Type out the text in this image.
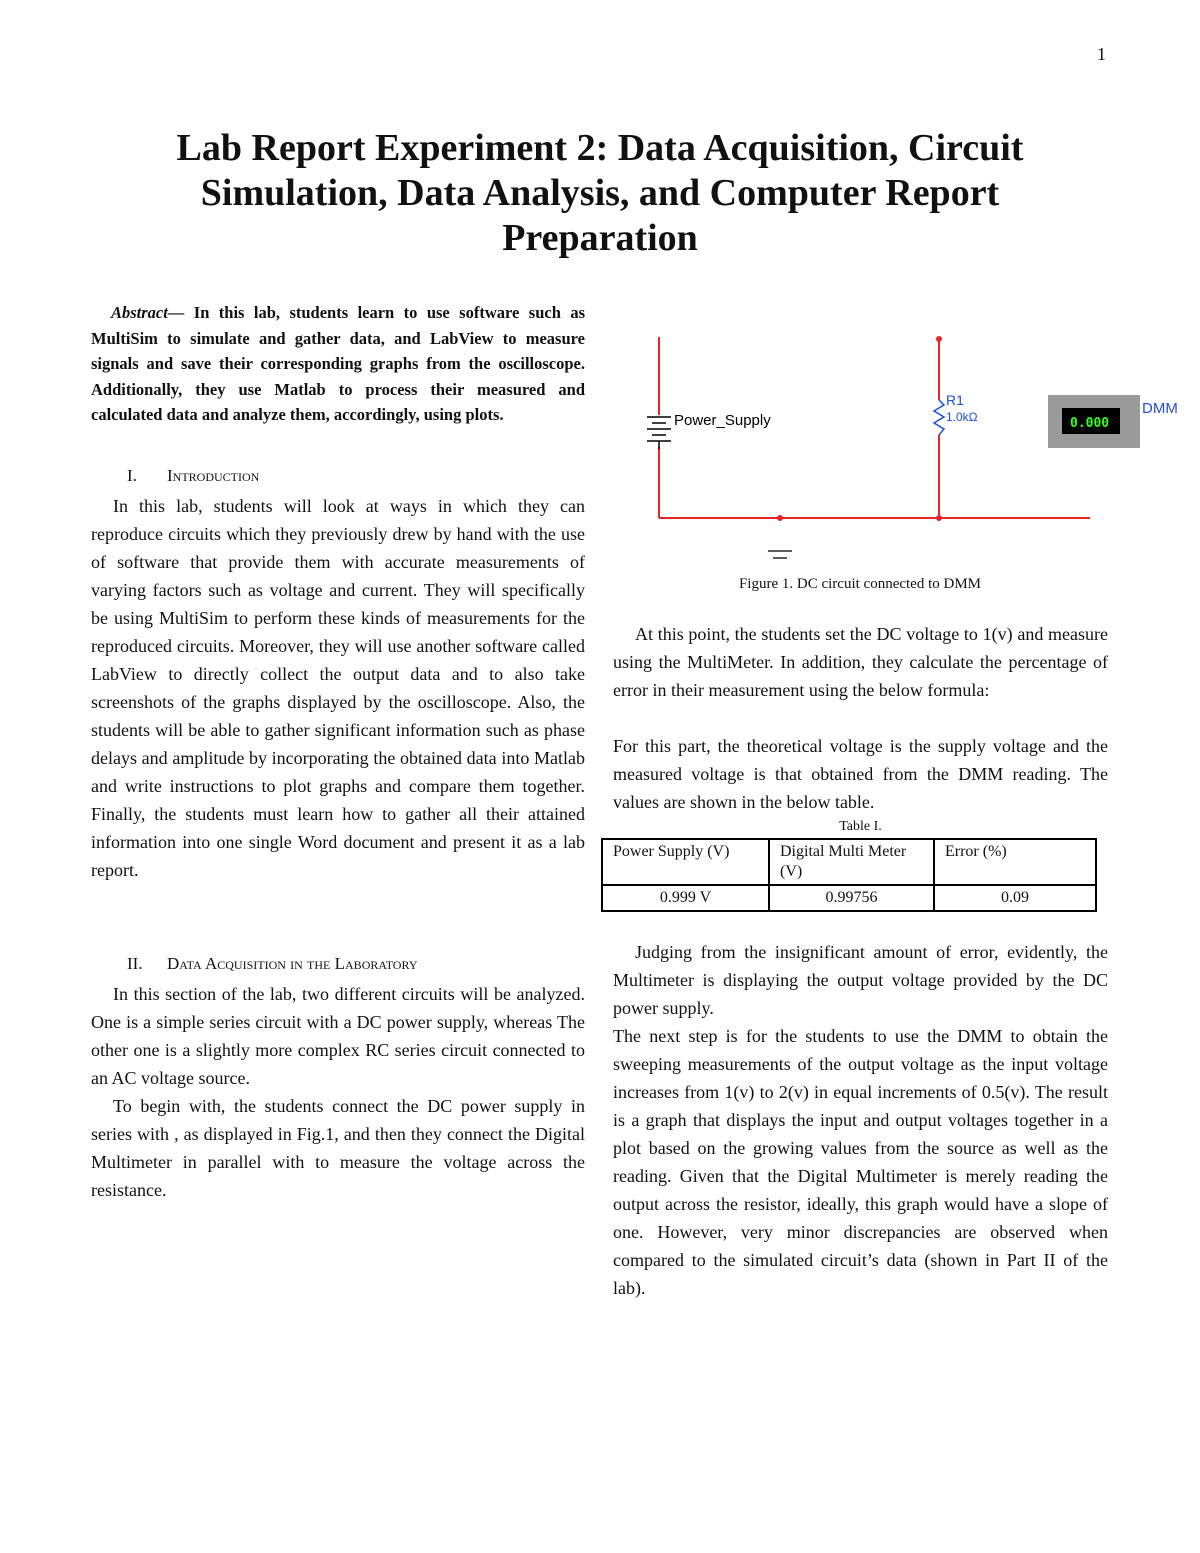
1
Lab Report Experiment 2: Data Acquisition, Circuit Simulation, Data Analysis, and Computer Report Preparation

Abstract— In this lab, students learn to use software such as MultiSim to simulate and gather data, and LabView to measure signals and save their corresponding graphs from the oscilloscope. Additionally, they use Matlab to process their measured and calculated data and analyze them, accordingly, using plots.

I. Introduction

In this lab, students will look at ways in which they can reproduce circuits which they previously drew by hand with the use of software that provide them with accurate measurements of varying factors such as voltage and current. They will specifically be using MultiSim to perform these kinds of measurements for the reproduced circuits. Moreover, they will use another software called LabView to directly collect the output data and to also take screenshots of the graphs displayed by the oscilloscope. Also, the students will be able to gather significant information such as phase delays and amplitude by incorporating the obtained data into Matlab and write instructions to plot graphs and compare them together. Finally, the students must learn how to gather all their attained information into one single Word document and present it as a lab report.

II. Data Acquisition in the Laboratory

In this section of the lab, two different circuits will be analyzed. One is a simple series circuit with a DC power supply, whereas The other one is a slightly more complex RC series circuit connected to an AC voltage source.

To begin with, the students connect the DC power supply in series with , as displayed in Fig.1, and then they connect the Digital Multimeter in parallel with to measure the voltage across the resistance.

Power_Supply
R1
1.0kΩ	0.000
DMM
Figure 1. DC circuit connected to DMM

At this point, the students set the DC voltage to 1(v) and measure using the MultiMeter. In addition, they calculate the percentage of error in their measurement using the below formula:

For this part, the theoretical voltage is the supply voltage and the measured voltage is that obtained from the DMM reading. The values are shown in the below table.

Table I.
Power Supply (V)	Digital Multi Meter (V)	Error (%)
0.999 V	0.99756	0.09

Judging from the insignificant amount of error, evidently, the Multimeter is displaying the output voltage provided by the DC power supply.

The next step is for the students to use the DMM to obtain the sweeping measurements of the output voltage as the input voltage increases from 1(v) to 2(v) in equal increments of 0.5(v). The result is a graph that displays the input and output voltages together in a plot based on the growing values from the source as well as the reading. Given that the Digital Multimeter is merely reading the output across the resistor, ideally, this graph would have a slope of one. However, very minor discrepancies are observed when compared to the simulated circuit’s data (shown in Part II of the lab).
